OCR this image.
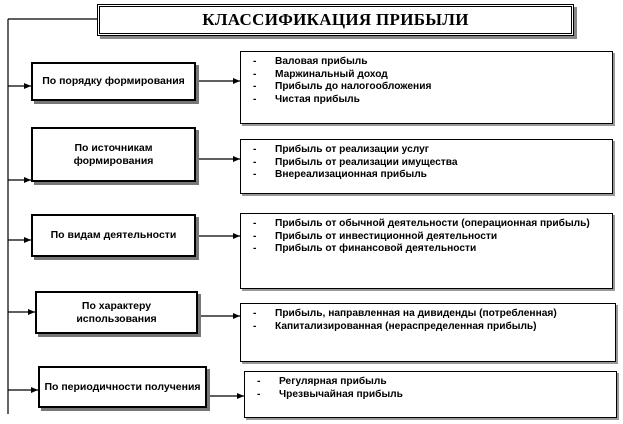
КЛАССИФИКАЦИЯ ПРИБЫЛИ
По порядку формирования
- Валовая прибыль
- Маржинальный доход
- Прибыль до налогообложения
- Чистая прибыль
По источникам формирования
- Прибыль от реализации услуг
- Прибыль от реализации имущества
- Внереализационная прибыль
По видам деятельности
- Прибыль от обычной деятельности (операционная прибыль)
- Прибыль от инвестиционной деятельности
- Прибыль от финансовой деятельности
По характеру использования	- Прибыль, направленная на дивиденды (потребленная)
- Капитализированная (нераспределенная прибыль)
По периодичности получения	- Регулярная прибыль
- Чрезвычайная прибыль
